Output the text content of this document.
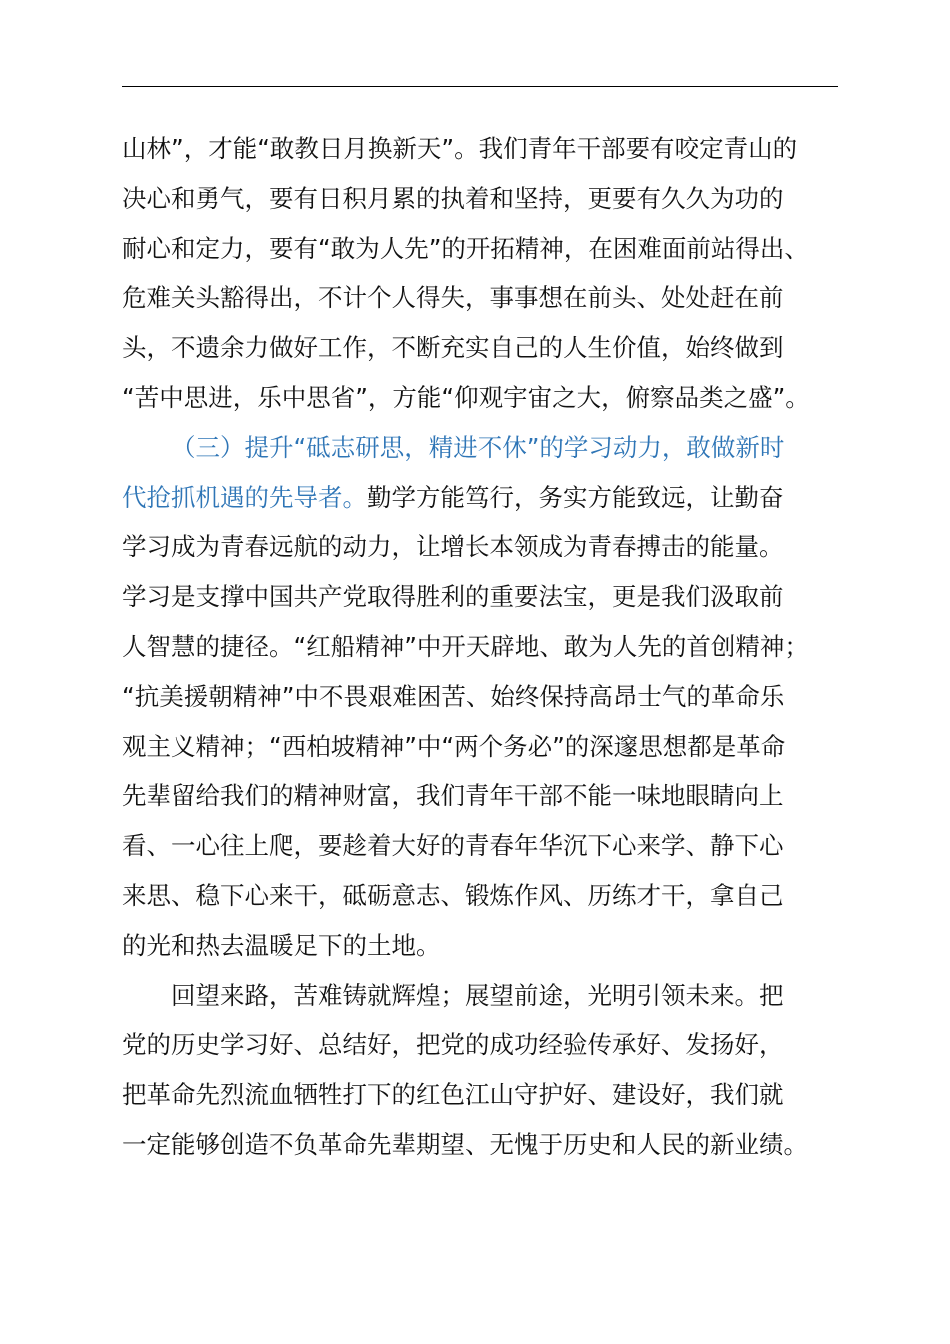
山林”，才能“敢教日月换新天”。我们青年干部要有咬定青山的
决心和勇气，要有日积月累的执着和坚持，更要有久久为功的
耐心和定力，要有“敢为人先”的开拓精神，在困难面前站得出、
危难关头豁得出，不计个人得失，事事想在前头、处处赶在前
头，不遗余力做好工作，不断充实自己的人生价值，始终做到
“苦中思进，乐中思省”，方能“仰观宇宙之大，俯察品类之盛”。
（三）提升“砥志研思，精进不休”的学习动力，敢做新时
代抢抓机遇的先导者。勤学方能笃行，务实方能致远，让勤奋
学习成为青春远航的动力，让增长本领成为青春搏击的能量。
学习是支撑中国共产党取得胜利的重要法宝，更是我们汲取前
人智慧的捷径。“红船精神”中开天辟地、敢为人先的首创精神；
“抗美援朝精神”中不畏艰难困苦、始终保持高昂士气的革命乐
观主义精神；“西柏坡精神”中“两个务必”的深邃思想都是革命
先辈留给我们的精神财富，我们青年干部不能一味地眼睛向上
看、一心往上爬，要趁着大好的青春年华沉下心来学、静下心
来思、稳下心来干，砥砺意志、锻炼作风、历练才干，拿自己
的光和热去温暖足下的土地。
回望来路，苦难铸就辉煌；展望前途，光明引领未来。把
党的历史学习好、总结好，把党的成功经验传承好、发扬好，
把革命先烈流血牺牲打下的红色江山守护好、建设好，我们就
一定能够创造不负革命先辈期望、无愧于历史和人民的新业绩。
